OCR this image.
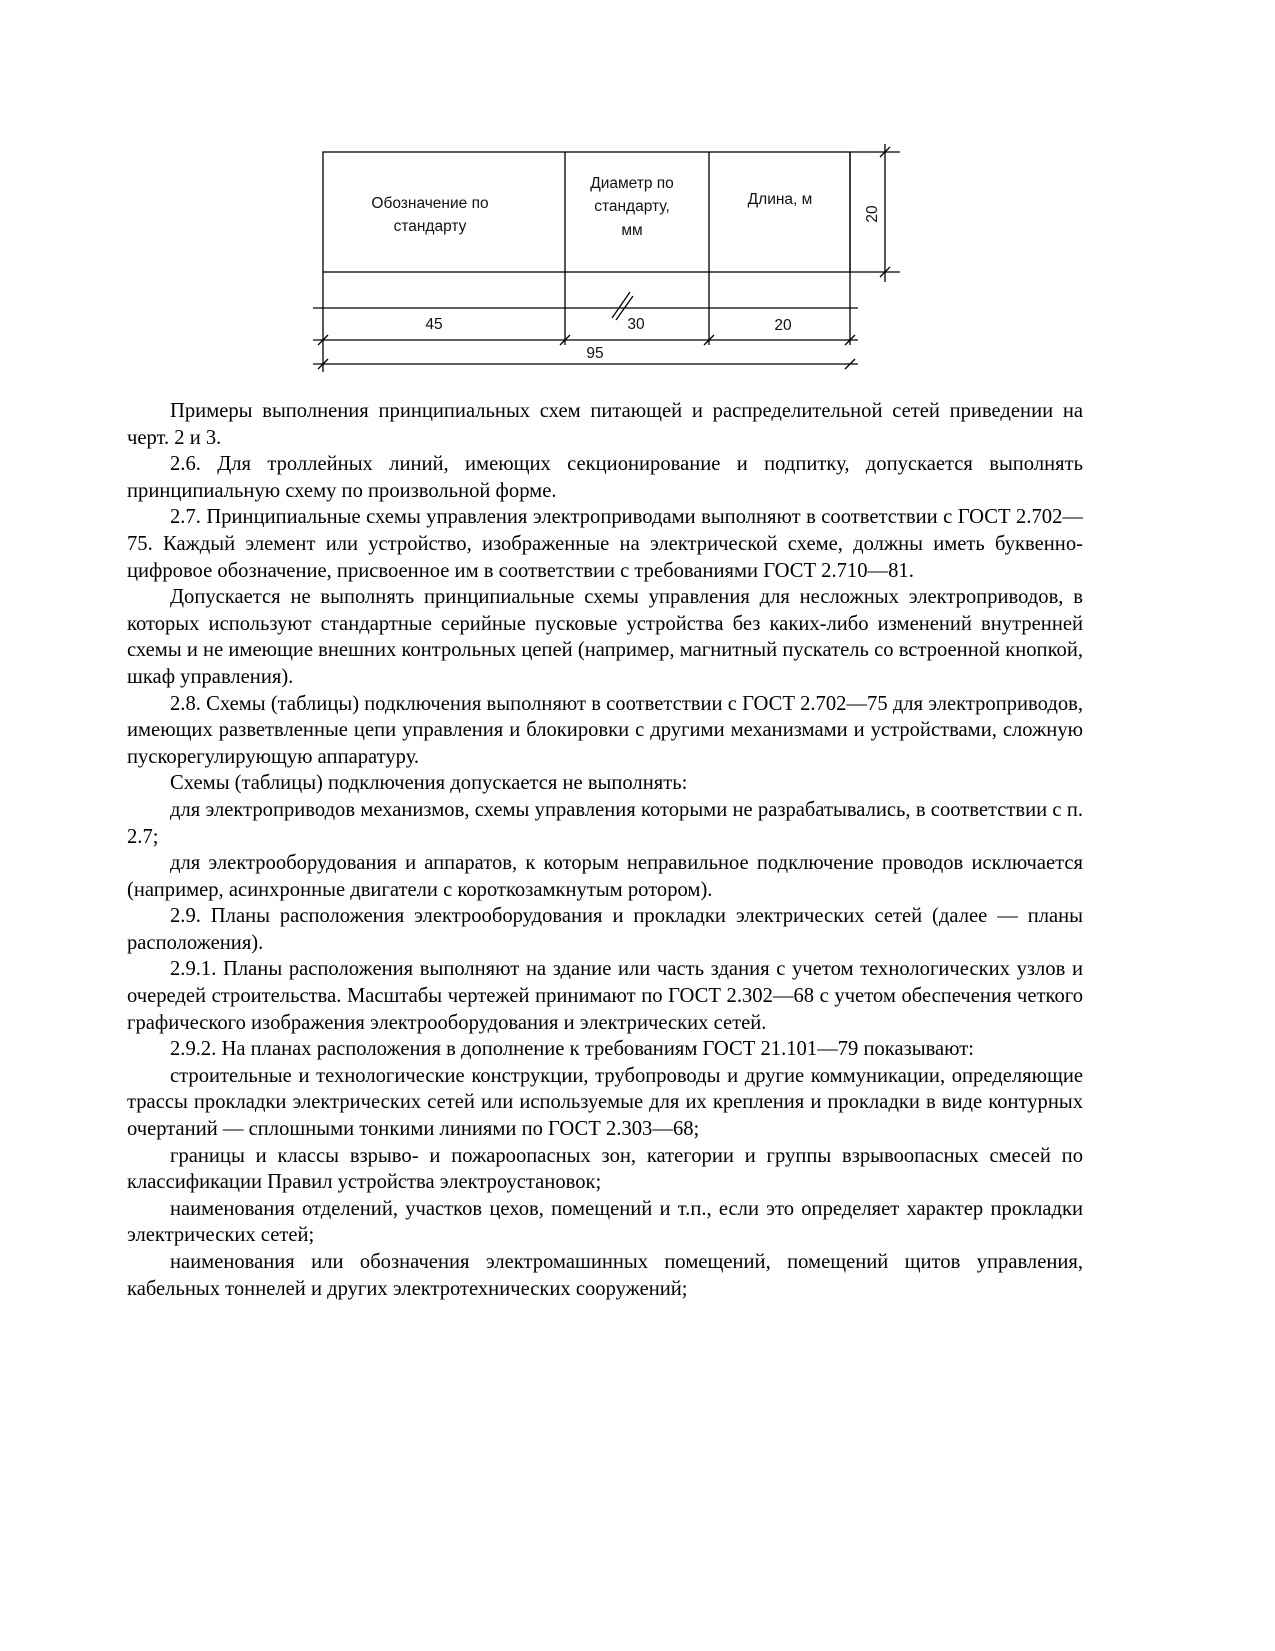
Обозначение по
стандарту
Диаметр по
стандарту,
мм
Длина, м
20
45	30	20
95

Примеры выполнения принципиальных схем питающей и распределительной сетей приведении на черт. 2 и 3.

2.6. Для троллейных линий, имеющих секционирование и подпитку, допускается выполнять принципиальную схему по произвольной форме.

2.7. Принципиальные схемы управления электроприводами выполняют в соответствии с ГОСТ 2.702—75. Каждый элемент или устройство, изображенные на электрической схеме, должны иметь буквенно-цифровое обозначение, присвоенное им в соответствии с требованиями ГОСТ 2.710—81.

Допускается не выполнять принципиальные схемы управления для несложных электроприводов, в которых используют стандартные серийные пусковые устройства без каких-либо изменений внутренней схемы и не имеющие внешних контрольных цепей (например, магнитный пускатель со встроенной кнопкой, шкаф управления).

2.8. Схемы (таблицы) подключения выполняют в соответствии с ГОСТ 2.702—75 для электроприводов, имеющих разветвленные цепи управления и блокировки с другими механизмами и устройствами, сложную пускорегулирующую аппаратуру.

Схемы (таблицы) подключения допускается не выполнять:

для электроприводов механизмов, схемы управления которыми не разрабатывались, в соответствии с п. 2.7;

для электрооборудования и аппаратов, к которым неправильное подключение проводов исключается (например, асинхронные двигатели с короткозамкнутым ротором).

2.9. Планы расположения электрооборудования и прокладки электрических сетей (далее — планы расположения).

2.9.1. Планы расположения выполняют на здание или часть здания с учетом технологических узлов и очередей строительства. Масштабы чертежей принимают по ГОСТ 2.302—68 с учетом обеспечения четкого графического изображения электрооборудования и электрических сетей.

2.9.2. На планах расположения в дополнение к требованиям ГОСТ 21.101—79 показывают:

строительные и технологические конструкции, трубопроводы и другие коммуникации, определяющие трассы прокладки электрических сетей или используемые для их крепления и прокладки в виде контурных очертаний — сплошными тонкими линиями по ГОСТ 2.303—68;

границы и классы взрыво- и пожароопасных зон, категории и группы взрывоопасных смесей по классификации Правил устройства электроустановок;

наименования отделений, участков цехов, помещений и т.п., если это определяет характер прокладки электрических сетей;

наименования или обозначения электромашинных помещений, помещений щитов управления, кабельных тоннелей и других электротехнических сооружений;
